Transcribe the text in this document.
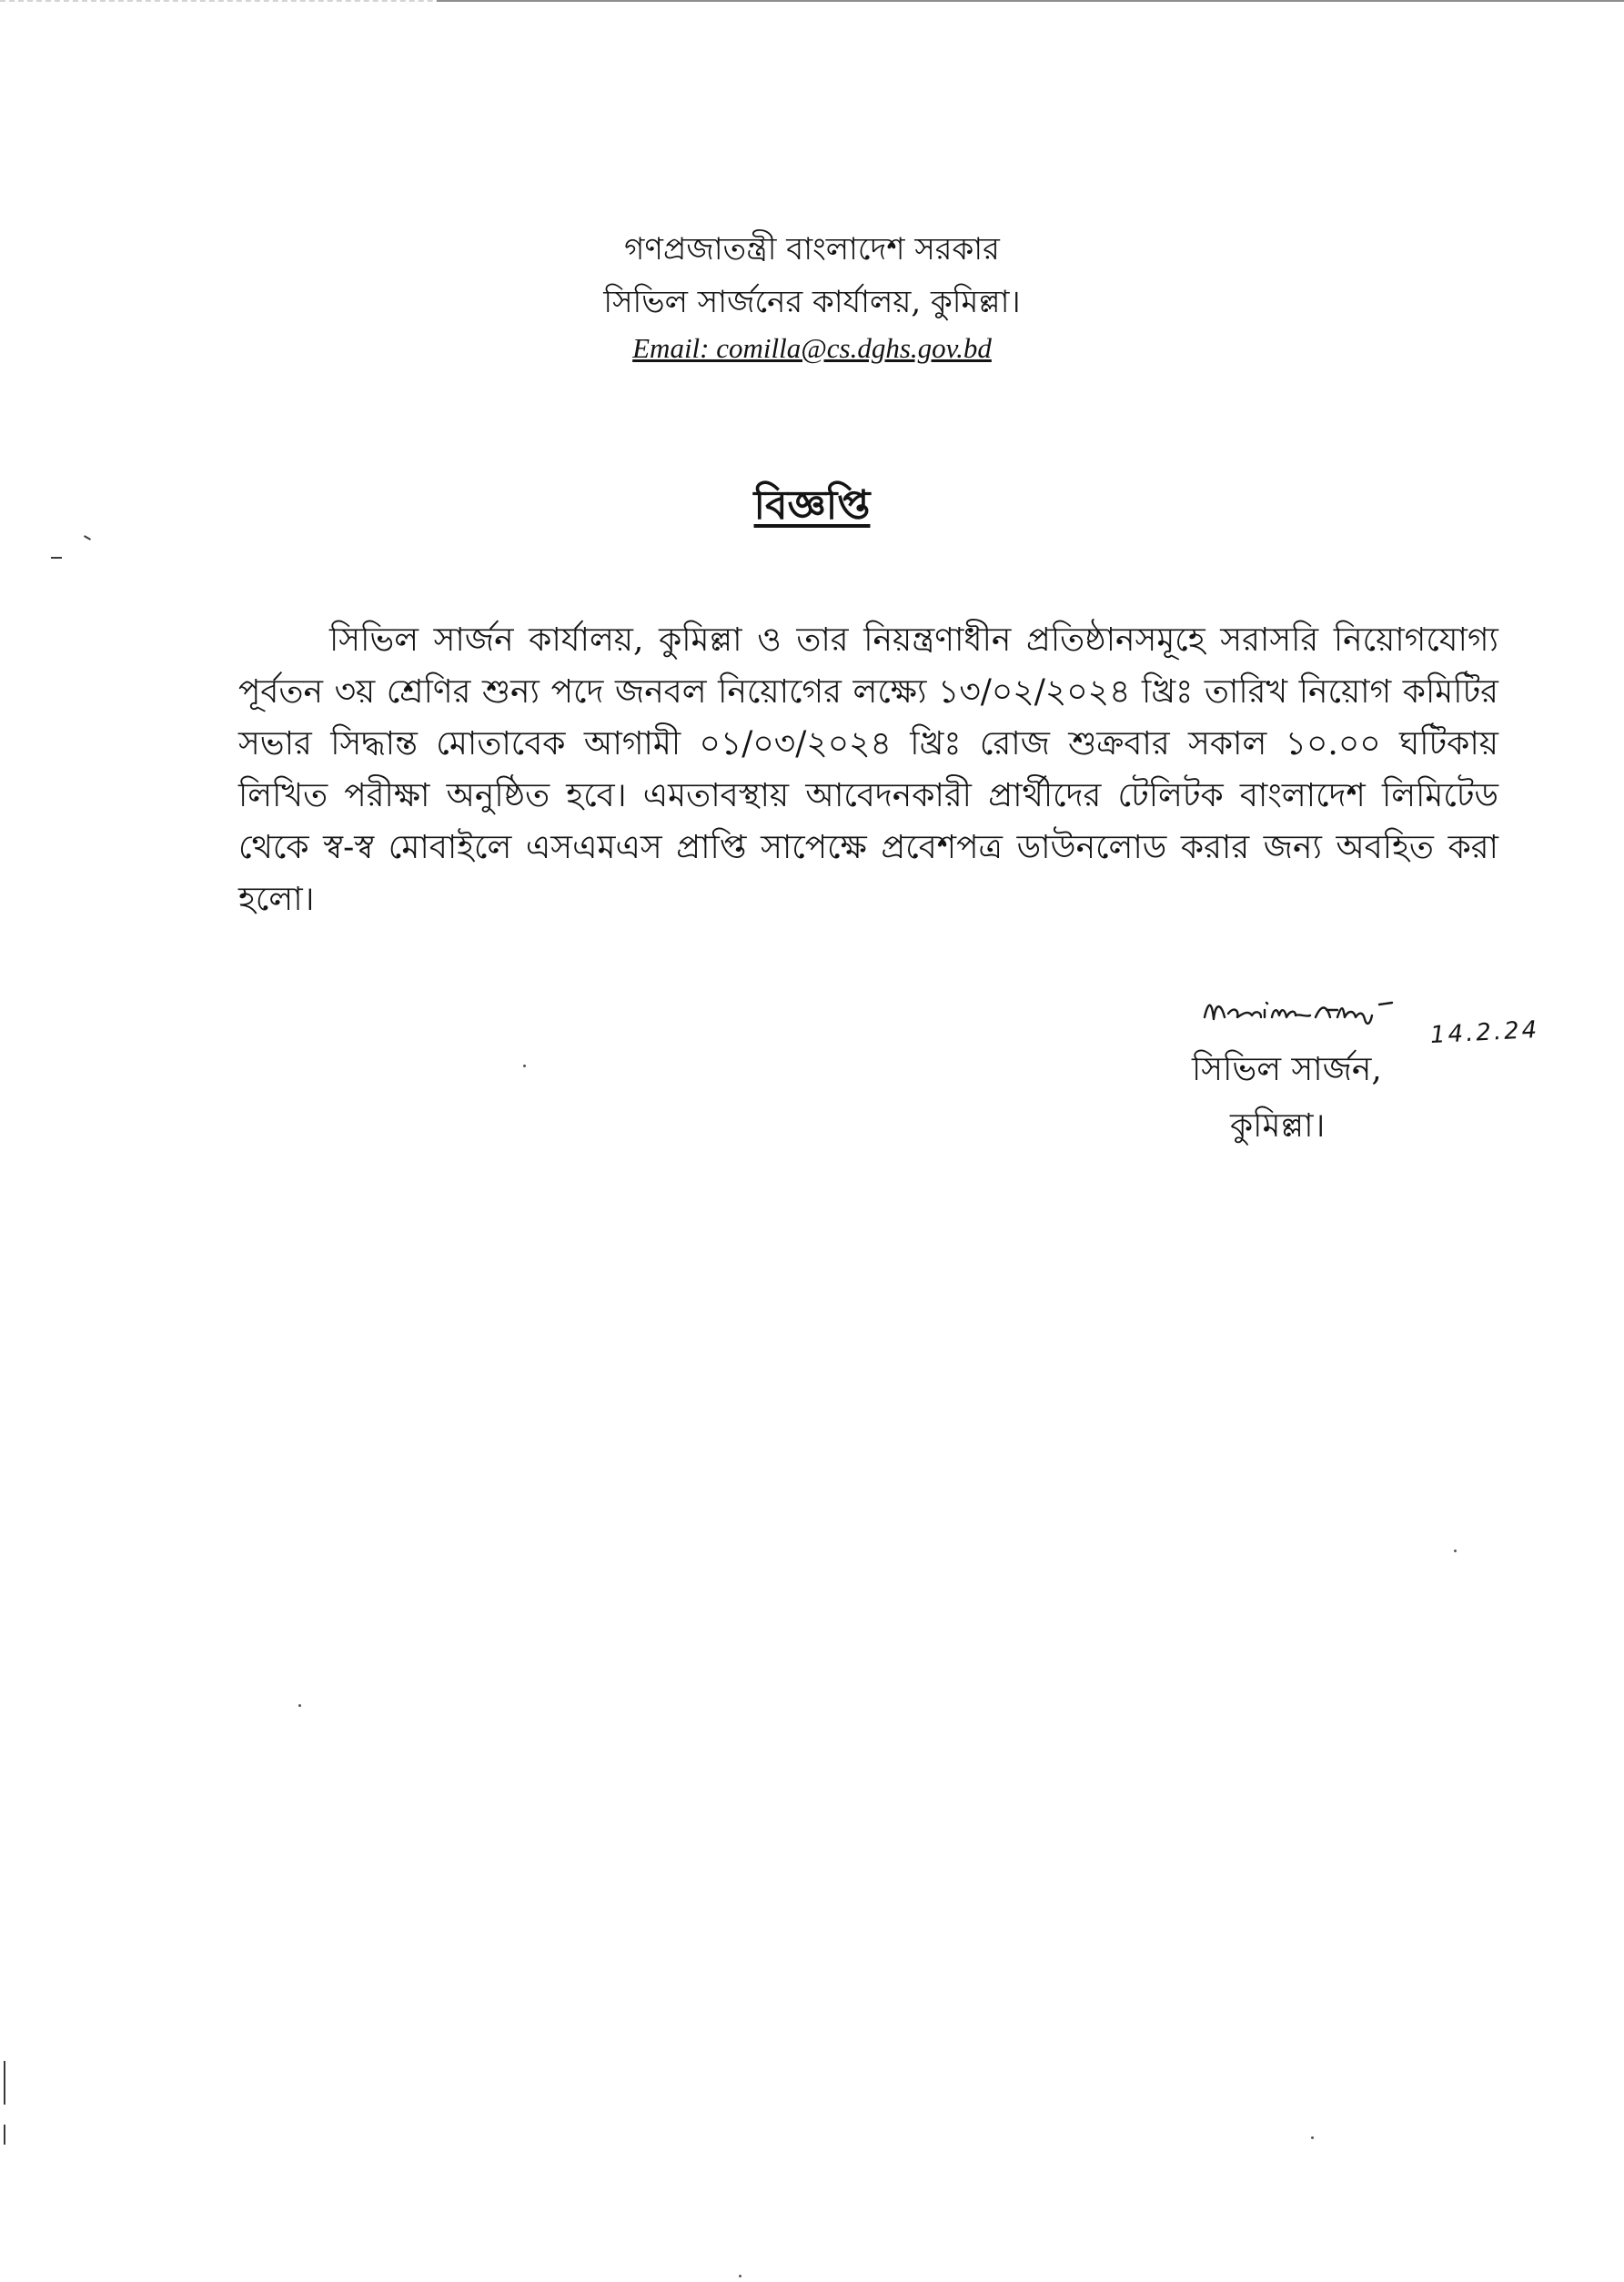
গণপ্রজাতন্ত্রী বাংলাদেশ সরকার
সিভিল সার্জনের কার্যালয়, কুমিল্লা।
Email: comilla@cs.dghs.gov.bd
বিজ্ঞপ্তি

সিভিল সার্জন কার্যালয়, কুমিল্লা ও তার নিয়ন্ত্রণাধীন প্রতিষ্ঠানসমূহে সরাসরি নিয়োগযোগ্য পূর্বতন ৩য় শ্রেণির শুন্য পদে জনবল নিয়োগের লক্ষ্যে ১৩/০২/২০২৪ খ্রিঃ তারিখ নিয়োগ কমিটির সভার সিদ্ধান্ত মোতাবেক আগামী ০১/০৩/২০২৪ খ্রিঃ রোজ শুক্রবার সকাল ১০.০০ ঘটিকায় লিখিত পরীক্ষা অনুষ্ঠিত হবে। এমতাবস্থায় আবেদনকারী প্রার্থীদের টেলিটক বাংলাদেশ লিমিটেড থেকে স্ব-স্ব মোবাইলে এসএমএস প্রাপ্তি সাপেক্ষে প্রবেশপত্র ডাউনলোড করার জন্য অবহিত করা হলো।

14.2.24
সিভিল সার্জন,
কুমিল্লা।
